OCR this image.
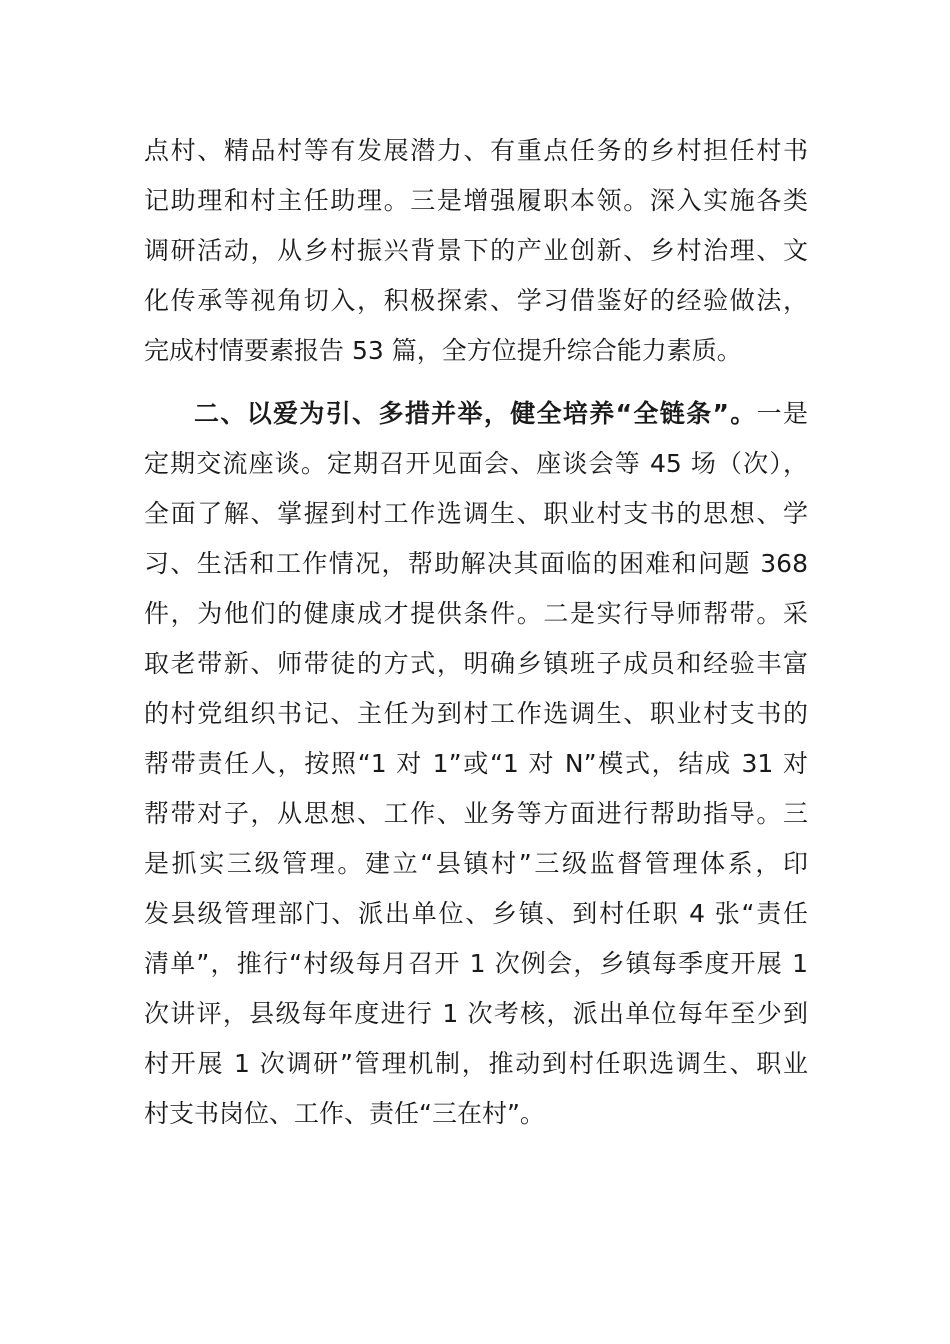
点村、精品村等有发展潜力、有重点任务的乡村担任村书
记助理和村主任助理。三是增强履职本领。深入实施各类
调研活动，从乡村振兴背景下的产业创新、乡村治理、文
化传承等视角切入，积极探索、学习借鉴好的经验做法，
完成村情要素报告 53 篇，全方位提升综合能力素质。
二、以爱为引、多措并举，健全培养“全链条”。一是
定期交流座谈。定期召开见面会、座谈会等 45 场（次），
全面了解、掌握到村工作选调生、职业村支书的思想、学
习、生活和工作情况，帮助解决其面临的困难和问题 368
件，为他们的健康成才提供条件。二是实行导师帮带。采
取老带新、师带徒的方式，明确乡镇班子成员和经验丰富
的村党组织书记、主任为到村工作选调生、职业村支书的
帮带责任人，按照“1 对 1”或“1 对 N”模式，结成 31 对
帮带对子，从思想、工作、业务等方面进行帮助指导。三
是抓实三级管理。建立“县镇村”三级监督管理体系，印
发县级管理部门、派出单位、乡镇、到村任职 4 张“责任
清单”，推行“村级每月召开 1 次例会，乡镇每季度开展 1
次讲评，县级每年度进行 1 次考核，派出单位每年至少到
村开展 1 次调研”管理机制，推动到村任职选调生、职业
村支书岗位、工作、责任“三在村”。
